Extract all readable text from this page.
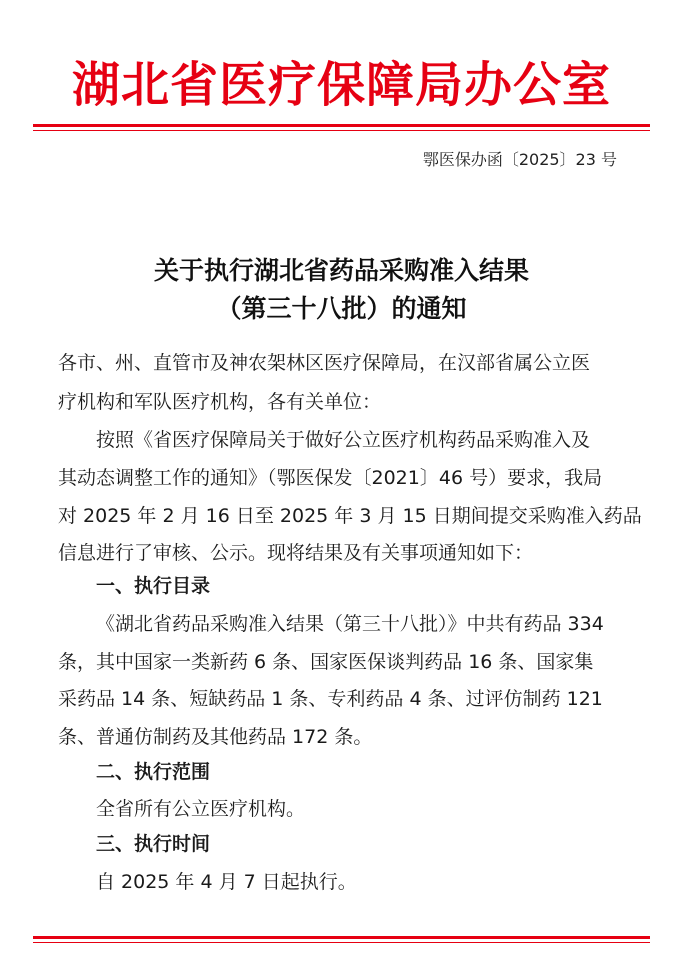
湖北省医疗保障局办公室
鄂医保办函〔2025〕23 号
关于执行湖北省药品采购准入结果
（第三十八批）的通知
各市、州、直管市及神农架林区医疗保障局，在汉部省属公立医
疗机构和军队医疗机构，各有关单位：
按照《省医疗保障局关于做好公立医疗机构药品采购准入及
其动态调整工作的通知》（鄂医保发〔2021〕46 号）要求，我局
对 2025 年 2 月 16 日至 2025 年 3 月 15 日期间提交采购准入药品
信息进行了审核、公示。现将结果及有关事项通知如下：
一、执行目录
《湖北省药品采购准入结果（第三十八批）》中共有药品 334
条，其中国家一类新药 6 条、国家医保谈判药品 16 条、国家集
采药品 14 条、短缺药品 1 条、专利药品 4 条、过评仿制药 121
条、普通仿制药及其他药品 172 条。
二、执行范围
全省所有公立医疗机构。
三、执行时间
自 2025 年 4 月 7 日起执行。
